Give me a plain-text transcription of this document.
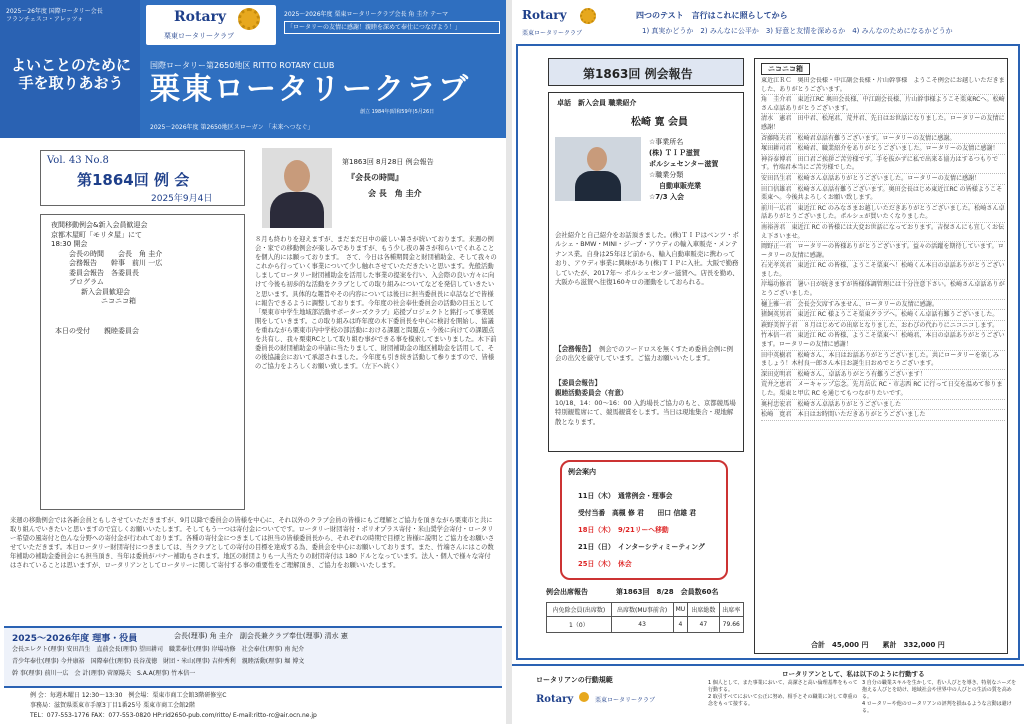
2025～26年度 国際ロータリー会長
フランチェスコ・アレッツォ
よいことのために手を取りあおう
Rotary
栗東ロータリークラブ
2025～2026年度 栗東ロータリークラブ会長 角 圭介 テーマ
「ロータリーの友情に感謝！親睦を深めて奉仕につなげよう！」
国際ロータリー第2650地区 RITTO ROTARY CLUB
栗東ロータリークラブ
創立 1984年(昭和59年)5月26日
2025－2026年度 第2650地区スローガン 「未来へつなぐ」
Vol. 43 No.8
第1864回 例 会
2025年9月4日
夜間移動例会&新入会員歓迎会
京都木屋町「モリタ屋」にて
18:30 開会
会長の時間　　会長　角 圭介
会務報告　　幹事　前川 一広
委員会報告　各委員長
プログラム
新入会員歓迎会
ニコニコ箱
本日の受付　　親睦委員会
第1863回 8月28日 例会報告
『会長の時間』
会 長　角 圭介
８月も終わりを迎えますが、まだまだ日中の厳しい暑さが続いております。来週の例会・家での移動例会が楽しみでありますが、もう少し夜の暑さが和らいでくれることを個人的には願っております。　さて、今日は各種期間金と財団補助金、そして我々のこれから行っていく事業について少し触れさせていただきたいと思います。先般活動しましてロータリー財団補助金を活用した事業の提案を行い、入会際の良い方々に向けて今後も初歩的な活動をクラブとしての取り組みについてなどを発信していきたいと思います。具体的な趣旨やその内容については後日に担当委員長に卓話などで皆様に報告できるように調整しております。今年度の社会奉仕委員会の活動の目玉として「栗東市中学生地域部活動サポーターズクラブ」応援プロジェクトと銘打って事業展開をしていきます。この取り組みは昨年度の木下委員長を中心に検討を開始し、協議を重ねながら栗東市内中学校の部活動における課題と問題点・今後に向けての課題点を共有し、我々栗東RCとして取り組む事ができる事を模索してまいりました。木下前委員長の財団補助金の申請に当たりまして、財団補助金の地区補助金を活用して、その後協議会において承認されました。今年度も引き続き活動して参りますので、皆様のご協力をよろしくお願い致します。（左下へ続く）
来週の移動例会では各新会員ともしさせていただきますが、9月以降で委員会の皆様を中心に、それ以外のクラブ会員の皆様にもご理解とご協力を頂きながら栗東市と共に取り組んでいきたいと思いますので宜しくお願いいたします。そしてもう一つは寄付金についてです。ロータリー財団寄付・ポリオプラス寄付・米山奨学会寄付・ロータリー希望の風寄付と色んな分野への寄付金が行われております。各種の寄付金につきましては担当の皆様委員長から、それぞれの時期で目標と皆様に説明とご協力をお願いさせていただきます。本日ロータリー財団寄付につきましては、当クラブとしての寄付の目標を達成する為、委員会を中心にお願いしております。また、竹端さんにはこの数年補助の補助金委員会にも担当頂き、当年は委員がバナー補助もされます。地区の財団よりも一人当たりの財団寄付は 180 ドルとなっています。法人・個人で様々な寄付はされていることは思いますが、ロータリアンとしてロータリーに関して寄付する事の重要性をご理解頂き、ご協力をお願いいたします。
2025～2026年度 理事・役員	会長(理事) 角 圭介　副会長兼クラブ奉仕(理事) 清水 憲
会長エレクト(理事) 安田昌生　直前会長(理事) 望田耕司　職業奉仕(理事) 岸場功修　社会奉仕(理事) 南 紀介
青少年奉仕(理事) 今井康裕　国際奉仕(理事) 長谷茂徳　財団・米山(理事) 吉仲秀利　親睦活動(理事) 堀 博文
幹 事(理事) 前川一広　会 計(理事) 菅原陽夫　S.A.A(理事) 竹本信一
例 会：毎週木曜日 12:30～13:30　例会場：栗東市商工会館3階研修室C
事務局：滋賀県栗東市手原3丁目1番25号 栗東市商工会館2階
TEL：077-553-1776 FAX：077-553-0820 HP:rid2650-pub.com/ritto/ E-mail:ritto-rc@air.ocn.ne.jp
Rotary
栗東ロータリークラブ
四つのテスト　言行はこれに照らしてから
1) 真実かどうか　2) みんなに公平か　3) 好意と友情を深めるか　4) みんなのためになるかどうか
第1863回 例会報告
卓話　新入会員 職業紹介
松崎 寛 会員
☆事業所名
(株) ＴＩＰ滋賀
ポルシェセンター滋賀
☆職業分類
自動車販売業
☆7/3 入会
会社紹介と自己紹介をお話頂きました。(株)ＴＩＰはベンツ・ポルシェ・BMW・MINI・ジープ・アウディの輸入車販売・メンテナンス業。自身は25年ほど前から、輸入自動車販売に携わっており、アウディ事業に興味があり(株)ＴＩＰに入社。大阪で勤務していたが、2017年～ ポルシェセンター滋賀へ。店長を勤め、大阪から滋賀へ往復160キロの運動をしておられる。
【会務報告】 例会でのフードロスを無くすため委員会例に例会の出欠を厳守しています。ご協力お願いいたします。
【委員会報告】
親睦活動委員会（有意）
10/18、14：00～16：00 入釣場長ご協力のもと、京都競馬場特別観覧席にて、競馬観賞をします。当日は現地集合・現地解散となります。
例会案内
11日（木）　通常例会・理事会
受付当番　高槻 修 君　　田口 信雄 君
18日（木）　9/21リーへ移動
21日（日）　インターシティミーティング
25日（木）　休会
例会出席報告	第1863回　8/28　会員数60名
内免除会員(出席数)	出席数(MU事前含)	MU	出席総数	出席率
1（0）	43	4	47	79.66
ニコニコ箱
東近江ＲＣ　奥田会長様・中江副会長様・片山幹事様　ようこそ例会にお越しいただきました、ありがとうございます。
角　圭介君　東近江RC 奥田会長様、中江副会長様、片山幹事様ようこそ栗東RCへ。松崎さん卓話ありがとうございます。
清水　憲君　田中君、松尾君、荒井君、先日はお世話になりました。ロータリーの友情に感謝！
斉藤隆夫君　松崎君卓話有難うございます。ロータリーの友情に感謝。
塚田耕司君　松崎君、職業紹介をありがとうございました。ロータリーの友情に感謝！
神谷泰博君　田口君ご挨拶ご苦労様です。手を抜かずに私で出来る協力はするつもりです。竹端君本当にご苦労様でした。
安田昌生君　松崎さん卓話ありがとうございました。ロータリーの友情に感謝！
田口信雄君　松崎さん卓話有難うございます。奥田会長はじめ東近江RC の皆様ようこそ栗東へ。今後共よろしくお願い致します。
前川一広君　東近江 RC のみなさまお越しいただきありがとうございました。松崎さん卓話ありがとうございました。ポルシェが買いたくなりました。
南裕善君　東近江 RC の皆様には大変お世話になっております。吉保さんにも宜しくお伝え下さいませ。
岡野正一君　ロータリーの皆様ありがとうございます。益々の活躍を期待しています。ロータリーの友情に感謝。
石光孝英君　東近江 RC の皆様、ようこそ栗東へ！松崎くん本日の卓話ありがとうございました。
岸場功修君　暑い日が続きますが皆様体調管理には十分注意下さい。松崎さん卓話ありがとうございました。
樋上雅一君　会長会欠席すみません、ロータリーの友情に感謝。
猪飼英男君　東近江 RC 様ようこそ栗東クラブへ。松崎くん卓話有難うございました。
萩野美智子君　８月はじめての出席となりました、おわびの代わりにニコニコします。
竹本信一君　東近江 RC の皆様、ようこそ栗東へ！松崎君、本日の卓話ありがとうございます。ロータリーの友情に感謝！
田中英樹君　松崎さん、本日はお話ありがとうございました。共にロータリーを楽しみましょう！木村良一郎さん本日お誕生日おめでとうございます。
深田克明君　松崎さん、卓話ありがとう有難うございます！
荒井之恵君　メーキャップ忘念。先月岳広 RC・市志西 RC に行って日交を温めて参りました。栗東と甲広 RC を通じてもつながりたいです。
奥村忠宏君　松崎さん卓話ありがとうございました
松崎　寛君　本日はお時間いただきありがとうございました
合計　45,000 円　　累計　332,000 円
ロータリアンの行動規範
ロータリアンとして、私は以下のように行動する
Rotary	栗東ロータリークラブ
1 個人として、また事業において、高潔さと高い倫理基準をもって行動する。
2 取引すべてにおいて公正に努め、相手とその職業に対して尊重の念をもって接する。
3 自分の職業スキルを生かして、若い人びとを導き、特別なニーズを抱える人びとを助け、地域社会や世界中の人びとの生活の質を高める。
4 ロータリーや他のロータリアンの評判を損ねるような言動は避ける。
